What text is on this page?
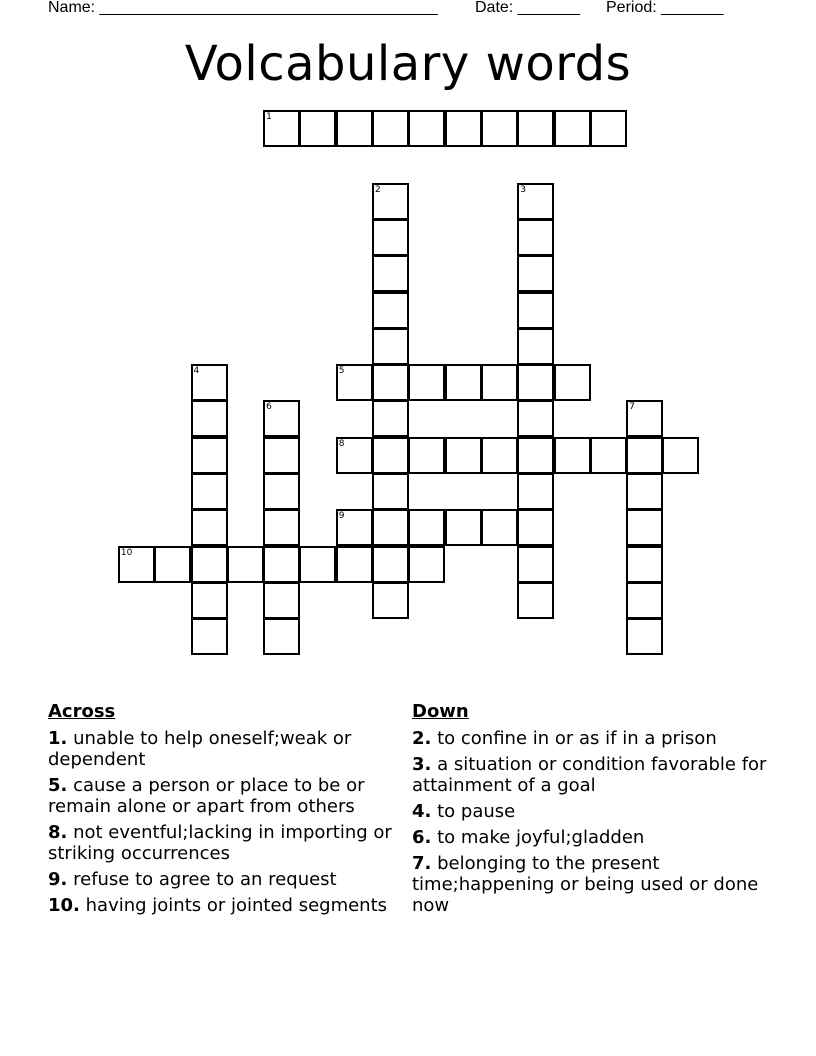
Name: ______________________________________ Date: _______ Period: _______
Volcabulary words
1
2	3
4	5
6	7
8
9
10
Across
1. unable to help oneself;weak or dependent
5. cause a person or place to be or remain alone or apart from others
8. not eventful;lacking in importing or striking occurrences
9. refuse to agree to an request
10. having joints or jointed segments
Down
2. to confine in or as if in a prison
3. a situation or condition favorable for attainment of a goal
4. to pause
6. to make joyful;gladden
7. belonging to the present time;happening or being used or done now
